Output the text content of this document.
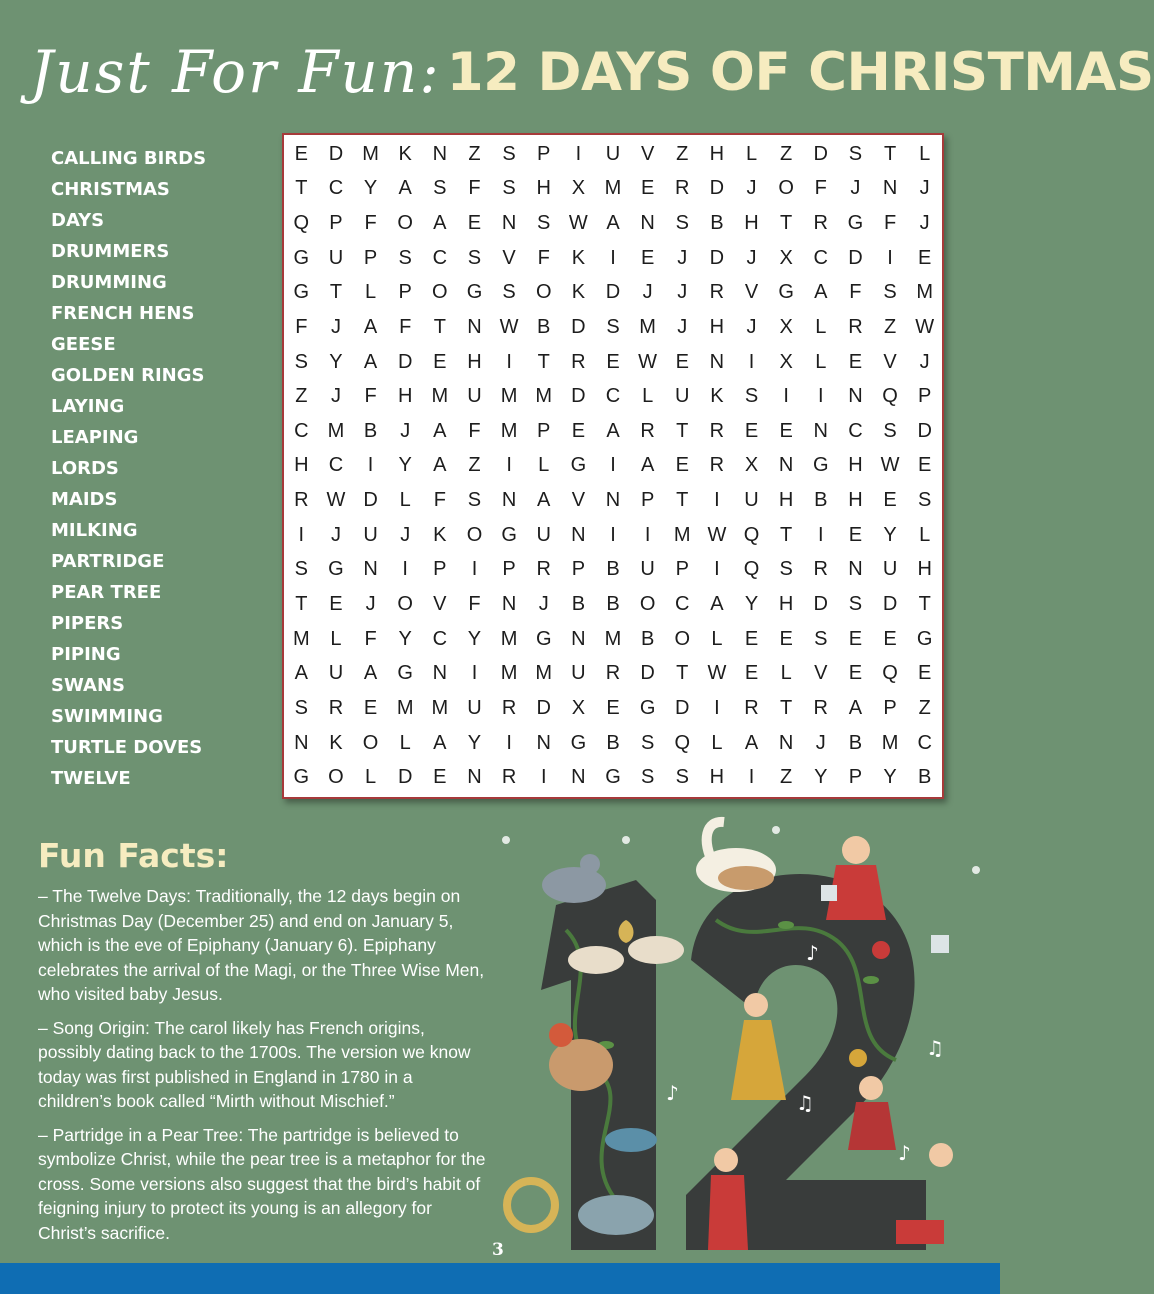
Just For Fun: 12 DAYS OF CHRISTMAS
CALLING BIRDS
CHRISTMAS
DAYS
DRUMMERS
DRUMMING
FRENCH HENS
GEESE
GOLDEN RINGS
LAYING
LEAPING
LORDS
MAIDS
MILKING
PARTRIDGE
PEAR TREE
PIPERS
PIPING
SWANS
SWIMMING
TURTLE DOVES
TWELVE
E	D M K	N	Z	S	P	I	U	V	Z	H	L	Z	D	S	T	L
T	C	Y	A	S	F	S	H	X M E	R	D	J	O	F	J	N	J
Q	P	F	O	A	E	N	S W A	N	S	B	H	T	R G	F	J
G U	P	S	C	S	V	F	K	I	E	J	D	J	X	C	D	I	E
G	T	L	P	O G	S	O	K	D	J	J	R	V	G	A	F	S M
F	J	A	F	T	N W B	D	S M	J	H	J	X	L	R	Z W
S	Y	A	D	E	H	I	T	R	E W E	N	I	X	L	E	V	J
Z	J	F	H M U M M D	C	L	U	K	S	I	I	N Q	P
C M B	J	A	F	M P	E	A	R	T	R	E	E	N	C	S	D
H	C	I	Y	A	Z	I	L	G	I	A	E	R	X	N G H W E
R W D	L	F	S	N	A	V	N	P	T	I	U	H	B	H	E	S
I	J	U	J	K	O G U	N	I	I	M W Q	T	I	E	Y	L
S	G N	I	P	I	P	R	P	B	U	P	I	Q	S	R	N	U	H
T	E	J	O	V	F	N	J	B	B	O C	A	Y	H	D	S	D	T
M	L	F	Y	C	Y M G N M B	O	L	E	E	S	E	E	G
A	U	A	G N	I	M M U	R	D	T W E	L	V	E	Q	E
S	R	E M M U	R	D	X	E	G D	I	R	T	R	A	P	Z
N	K	O	L	A	Y	I	N G	B	S	Q	L	A	N	J	B M C
G O	L	D	E	N	R	I	N G	S	S	H	I	Z	Y	P	Y	B
Fun Facts:

– The Twelve Days: Traditionally, the 12 days begin on Christmas Day (December 25) and end on January 5, which is the eve of Epiphany (January 6). Epiphany celebrates the arrival of the Magi, or the Three Wise Men, who visited baby Jesus.

– Song Origin: The carol likely has French origins, possibly dating back to the 1700s. The version we know today was first published in England in 1780 in a children’s book called “Mirth without Mischief.”

– Partridge in a Pear Tree: The partridge is believed to symbolize Christ, while the pear tree is a metaphor for the cross. Some versions also suggest that the bird’s habit of feigning injury to protect its young is an allegory for Christ’s sacrifice.

♪
♫
♪	♫
♪
3
